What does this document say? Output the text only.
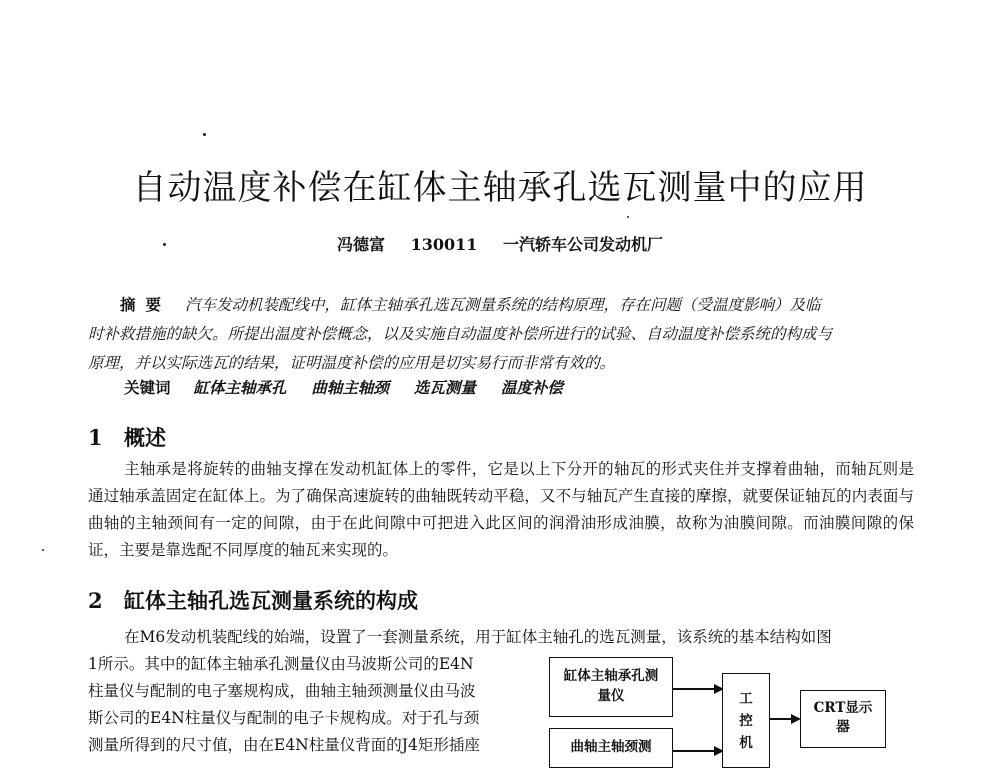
自动温度补偿在缸体主轴承孔选瓦测量中的应用
冯德富 130011 一汽轿车公司发动机厂
摘要 汽车发动机装配线中，缸体主轴承孔选瓦测量系统的结构原理，存在问题（受温度影响）及临
时补救措施的缺欠。所提出温度补偿概念，以及实施自动温度补偿所进行的试验、自动温度补偿系统的构成与
原理，并以实际选瓦的结果，证明温度补偿的应用是切实易行而非常有效的。
关键词 缸体主轴承孔 曲轴主轴颈 选瓦测量 温度补偿
1 概述
主轴承是将旋转的曲轴支撑在发动机缸体上的零件，它是以上下分开的轴瓦的形式夹住并支撑着曲轴，而轴瓦则是通过轴承盖固定在缸体上。为了确保高速旋转的曲轴既转动平稳，又不与轴瓦产生直接的摩擦，就要保证轴瓦的内表面与曲轴的主轴颈间有一定的间隙，由于在此间隙中可把进入此区间的润滑油形成油膜，故称为油膜间隙。而油膜间隙的保证，主要是靠选配不同厚度的轴瓦来实现的。
2 缸体主轴孔选瓦测量系统的构成
在M6发动机装配线的始端，设置了一套测量系统，用于缸体主轴孔的选瓦测量，该系统的基本结构如图
1所示。其中的缸体主轴承孔测量仪由马波斯公司的E4N
柱量仪与配制的电子塞规构成，曲轴主轴颈测量仪由马波
斯公司的E4N柱量仪与配制的电子卡规构成。对于孔与颈
测量所得到的尺寸值，由在E4N柱量仪背面的J4矩形插座
缸体主轴承孔测量仪
曲轴主轴颈测
工控机
CRT显示器
